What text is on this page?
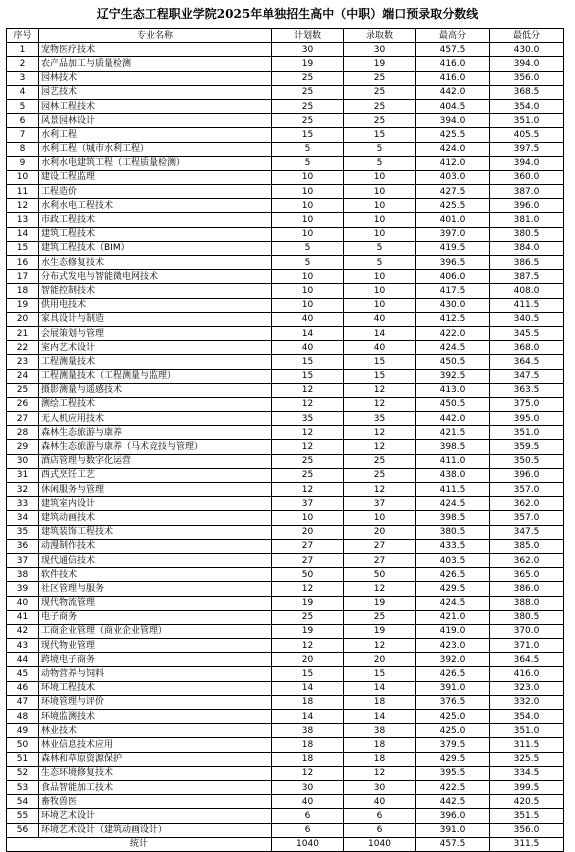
辽宁生态工程职业学院2025年单独招生高中（中职）端口预录取分数线
序号	专业名称	计划数	录取数	最高分	最低分
1	宠物医疗技术	30	30	457.5	430.0
2	农产品加工与质量检测	19	19	416.0	394.0
3	园林技术	25	25	416.0	356.0
4	园艺技术	25	25	442.0	368.5
5	园林工程技术	25	25	404.5	354.0
6	风景园林设计	25	25	394.0	351.0
7	水利工程	15	15	425.5	405.5
8	水利工程（城市水利工程）	5	5	424.0	397.5
9	水利水电建筑工程（工程质量检测）	5	5	412.0	394.0
10	建设工程监理	10	10	403.0	360.0
11	工程造价	10	10	427.5	387.0
12	水利水电工程技术	10	10	425.5	396.0
13	市政工程技术	10	10	401.0	381.0
14	建筑工程技术	10	10	397.0	380.5
15	建筑工程技术（BIM）	5	5	419.5	384.0
16	水生态修复技术	5	5	396.5	386.5
17	分布式发电与智能微电网技术	10	10	406.0	387.5
18	智能控制技术	10	10	417.5	408.0
19	供用电技术	10	10	430.0	411.5
20	家具设计与制造	40	40	412.5	340.5
21	会展策划与管理	14	14	422.0	345.5
22	室内艺术设计	40	40	424.5	368.0
23	工程测量技术	15	15	450.5	364.5
24	工程测量技术（工程测量与监理）	15	15	392.5	347.5
25	摄影测量与遥感技术	12	12	413.0	363.5
26	测绘工程技术	12	12	450.5	375.0
27	无人机应用技术	35	35	442.0	395.0
28	森林生态旅游与康养	12	12	421.5	351.0
29	森林生态旅游与康养（马术竞技与管理）	12	12	398.5	359.5
30	酒店管理与数字化运营	25	25	411.0	350.5
31	西式烹饪工艺	25	25	438.0	396.0
32	休闲服务与管理	12	12	411.5	357.0
33	建筑室内设计	37	37	424.5	362.0
34	建筑动画技术	10	10	398.5	357.0
35	建筑装饰工程技术	20	20	380.5	347.5
36	动漫制作技术	27	27	433.5	385.0
37	现代通信技术	27	27	403.5	362.0
38	软件技术	50	50	426.5	365.0
39	社区管理与服务	12	12	429.5	386.0
40	现代物流管理	19	19	424.5	388.0
41	电子商务	25	25	421.0	380.5
42	工商企业管理（商业企业管理）	19	19	419.0	370.0
43	现代物业管理	12	12	423.0	371.0
44	跨境电子商务	20	20	392.0	364.5
45	动物营养与饲料	15	15	426.5	416.0
46	环境工程技术	14	14	391.0	323.0
47	环境管理与评价	18	18	376.5	332.0
48	环境监测技术	14	14	425.0	354.0
49	林业技术	38	38	425.0	351.0
50	林业信息技术应用	18	18	379.5	311.5
51	森林和草原资源保护	18	18	429.5	325.5
52	生态环境修复技术	12	12	395.5	334.5
53	食品智能加工技术	30	30	422.5	399.5
54	畜牧兽医	40	40	442.5	420.5
55	环境艺术设计	6	6	396.0	351.5
56	环境艺术设计（建筑动画设计）	6	6	391.0	356.0
统计		1040	1040	457.5	311.5
